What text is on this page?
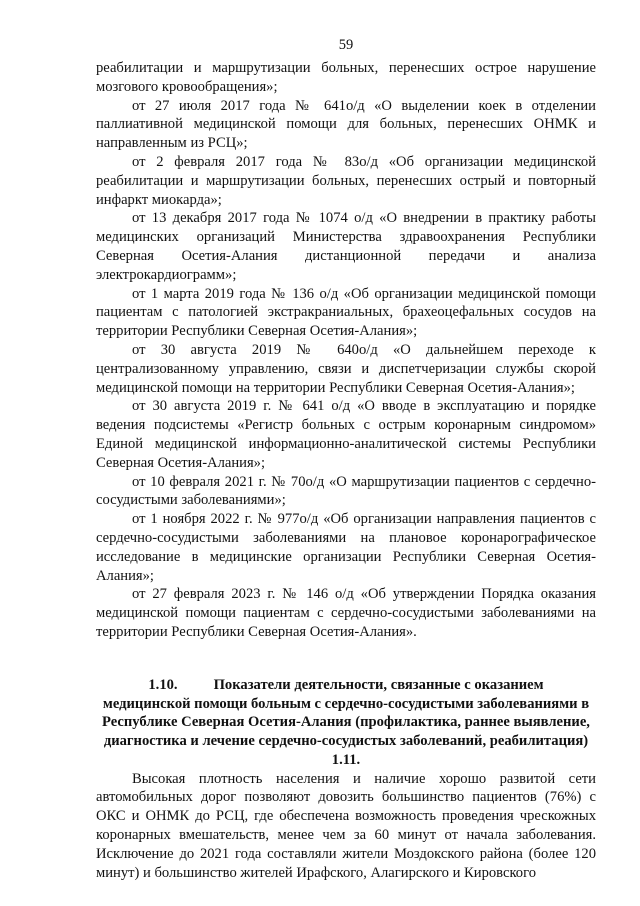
59

реабилитации и маршрутизации больных, перенесших острое нарушение мозгового кровообращения»;

от 27 июля 2017 года № 641о/д «О выделении коек в отделении паллиативной медицинской помощи для больных, перенесших ОНМК и направленным из РСЦ»;

от 2 февраля 2017 года № 83о/д «Об организации медицинской реабилитации и маршрутизации больных, перенесших острый и повторный инфаркт миокарда»;

от 13 декабря 2017 года № 1074 о/д «О внедрении в практику работы медицинских организаций Министерства здравоохранения Республики Северная Осетия-Алания дистанционной передачи и анализа электрокардиограмм»;

от 1 марта 2019 года № 136 о/д «Об организации медицинской помощи пациентам с патологией экстракраниальных, брахеоцефальных сосудов на территории Республики Северная Осетия-Алания»;

от 30 августа 2019 № 640о/д «О дальнейшем переходе к централизованному управлению, связи и диспетчеризации службы скорой медицинской помощи на территории Республики Северная Осетия-Алания»;

от 30 августа 2019 г. № 641 о/д «О вводе в эксплуатацию и порядке ведения подсистемы «Регистр больных с острым коронарным синдромом» Единой медицинской информационно-аналитической системы Республики Северная Осетия-Алания»;

от 10 февраля 2021 г. № 70о/д «О маршрутизации пациентов с сердечно-сосудистыми заболеваниями»;

от 1 ноября 2022 г. № 977о/д «Об организации направления пациентов с сердечно-сосудистыми заболеваниями на плановое коронарографическое исследование в медицинские организации Республики Северная Осетия-Алания»;

от 27 февраля 2023 г. № 146 о/д «Об утверждении Порядка оказания медицинской помощи пациентам с сердечно-сосудистыми заболеваниями на территории Республики Северная Осетия-Алания».

1.10. Показатели деятельности, связанные с оказанием
медицинской помощи больным с сердечно-сосудистыми заболеваниями в Республике Северная Осетия-Алания (профилактика, раннее выявление, диагностика и лечение сердечно-сосудистых заболеваний, реабилитация)
1.11.

Высокая плотность населения и наличие хорошо развитой сети автомобильных дорог позволяют довозить большинство пациентов (76%) с ОКС и ОНМК до РСЦ, где обеспечена возможность проведения чрескожных коронарных вмешательств, менее чем за 60 минут от начала заболевания. Исключение до 2021 года составляли жители Моздокского района (более 120 минут) и большинство жителей Ирафского, Алагирского и Кировского
